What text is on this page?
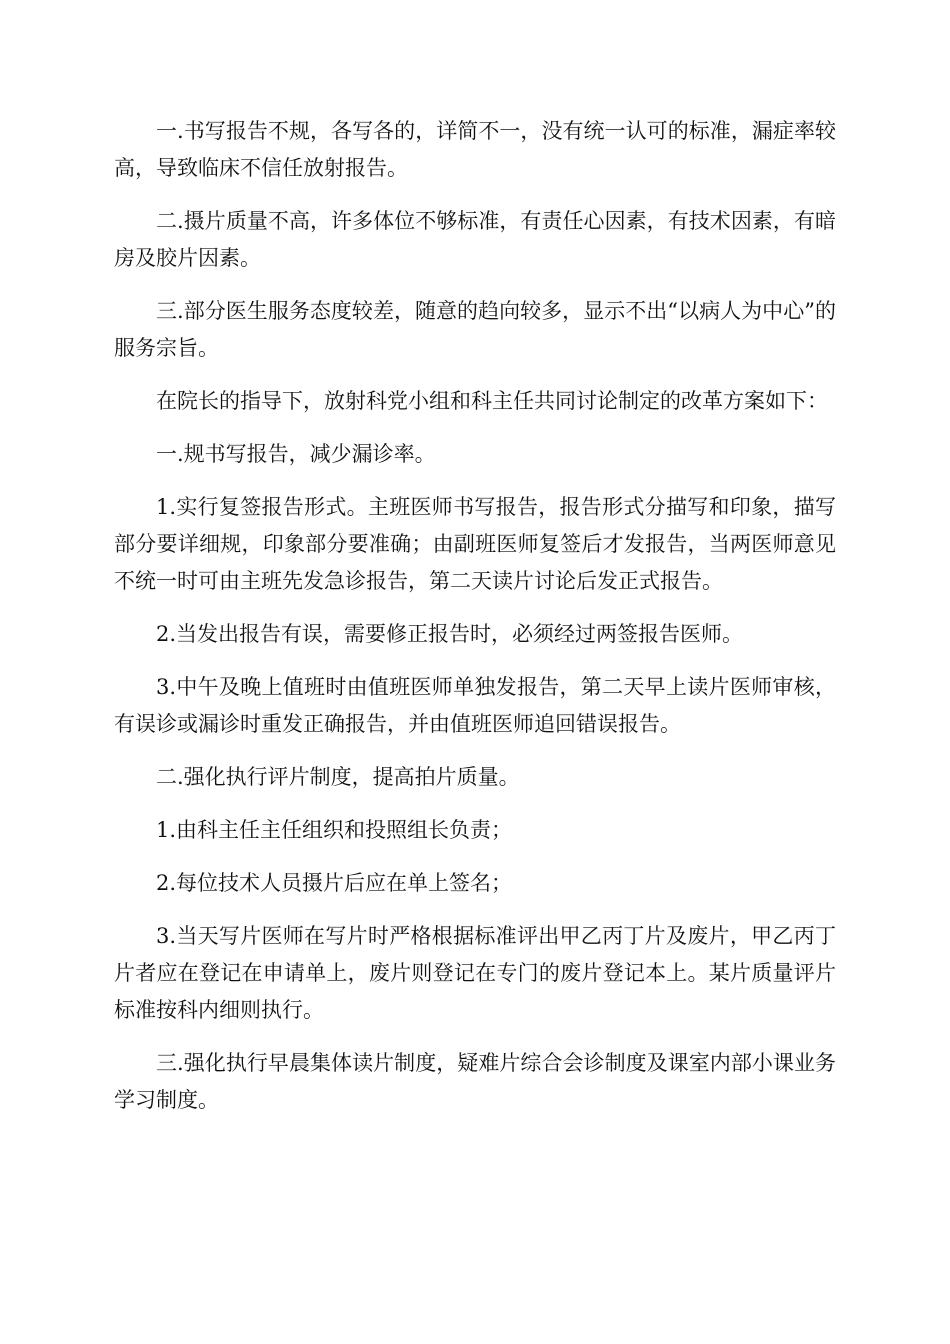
一.书写报告不规，各写各的，详简不一，没有统一认可的标准，漏症率较高，导致临床不信任放射报告。

二.摄片质量不高，许多体位不够标准，有责任心因素，有技术因素，有暗房及胶片因素。

三.部分医生服务态度较差，随意的趋向较多，显示不出“以病人为中心”的服务宗旨。

在院长的指导下，放射科党小组和科主任共同讨论制定的改革方案如下：

一.规书写报告，减少漏诊率。

1.实行复签报告形式。主班医师书写报告，报告形式分描写和印象，描写部分要详细规，印象部分要准确；由副班医师复签后才发报告，当两医师意见不统一时可由主班先发急诊报告，第二天读片讨论后发正式报告。

2.当发出报告有误，需要修正报告时，必须经过两签报告医师。

3.中午及晚上值班时由值班医师单独发报告，第二天早上读片医师审核，有误诊或漏诊时重发正确报告，并由值班医师追回错误报告。

二.强化执行评片制度，提高拍片质量。

1.由科主任主任组织和投照组长负责；

2.每位技术人员摄片后应在单上签名；

3.当天写片医师在写片时严格根据标准评出甲乙丙丁片及废片，甲乙丙丁片者应在登记在申请单上，废片则登记在专门的废片登记本上。某片质量评片标准按科内细则执行。

三.强化执行早晨集体读片制度，疑难片综合会诊制度及课室内部小课业务学习制度。
